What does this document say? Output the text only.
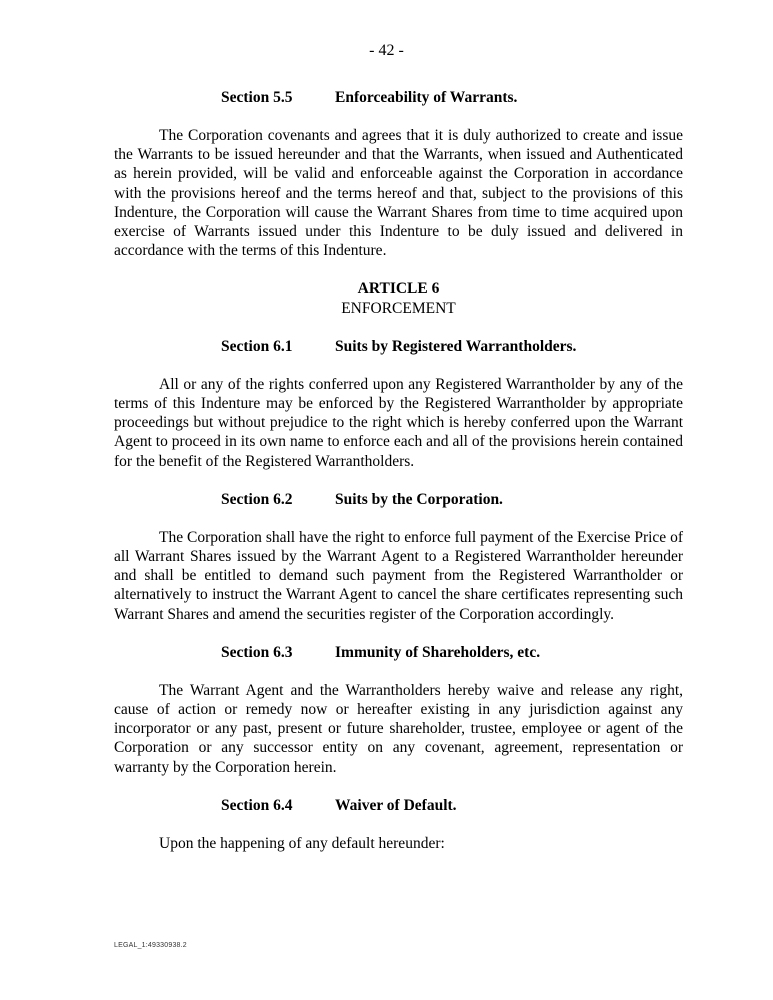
- 42 -
Section 5.5	Enforceability of Warrants.

The Corporation covenants and agrees that it is duly authorized to create and issue the Warrants to be issued hereunder and that the Warrants, when issued and Authenticated as herein provided, will be valid and enforceable against the Corporation in accordance with the provisions hereof and the terms hereof and that, subject to the provisions of this Indenture, the Corporation will cause the Warrant Shares from time to time acquired upon exercise of Warrants issued under this Indenture to be duly issued and delivered in accordance with the terms of this Indenture.

ARTICLE 6
ENFORCEMENT
Section 6.1	Suits by Registered Warrantholders.

All or any of the rights conferred upon any Registered Warrantholder by any of the terms of this Indenture may be enforced by the Registered Warrantholder by appropriate proceedings but without prejudice to the right which is hereby conferred upon the Warrant Agent to proceed in its own name to enforce each and all of the provisions herein contained for the benefit of the Registered Warrantholders.

Section 6.2	Suits by the Corporation.

The Corporation shall have the right to enforce full payment of the Exercise Price of all Warrant Shares issued by the Warrant Agent to a Registered Warrantholder hereunder and shall be entitled to demand such payment from the Registered Warrantholder or alternatively to instruct the Warrant Agent to cancel the share certificates representing such Warrant Shares and amend the securities register of the Corporation accordingly.

Section 6.3	Immunity of Shareholders, etc.

The Warrant Agent and the Warrantholders hereby waive and release any right, cause of action or remedy now or hereafter existing in any jurisdiction against any incorporator or any past, present or future shareholder, trustee, employee or agent of the Corporation or any successor entity on any covenant, agreement, representation or warranty by the Corporation herein.

Section 6.4	Waiver of Default.

Upon the happening of any default hereunder:

LEGAL_1:49330938.2
